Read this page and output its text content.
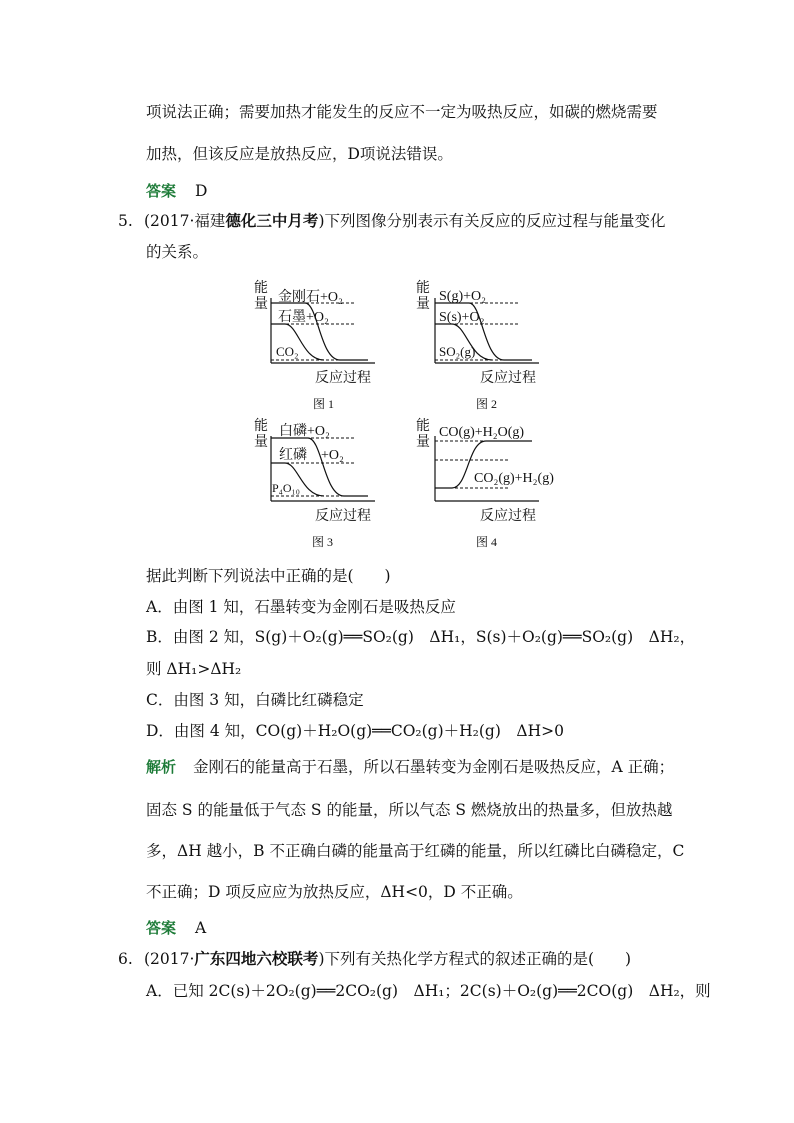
项说法正确；需要加热才能发生的反应不一定为吸热反应，如碳的燃烧需要
加热，但该反应是放热反应，D项说法错误。
答案 D
5. (2017·福建德化三中月考)下列图像分别表示有关反应的反应过程与能量变化
的关系。
能
量 金刚石+O₂
石墨+O₂
CO₂
反应过程
图 1
能
量
S(g)+O₂
S(s)+O₂
SO₂(g)
反应过程
图 2
能
量
白磷+O₂
红磷　+O₂
P₄O₁₀
反应过程
图 3
能
量
CO(g)+H₂O(g)
CO₂(g)+H₂(g)
反应过程
图 4
据此判断下列说法中正确的是(　　)
A．由图 1 知，石墨转变为金刚石是吸热反应
B．由图 2 知，S(g)＋O₂(g)══SO₂(g)　ΔH₁，S(s)＋O₂(g)══SO₂(g)　ΔH₂，
则 ΔH₁>ΔH₂
C．由图 3 知，白磷比红磷稳定
D．由图 4 知，CO(g)＋H₂O(g)══CO₂(g)＋H₂(g)　ΔH>0
解析 金刚石的能量高于石墨，所以石墨转变为金刚石是吸热反应，A 正确；
固态 S 的能量低于气态 S 的能量，所以气态 S 燃烧放出的热量多，但放热越
多，ΔH 越小，B 不正确白磷的能量高于红磷的能量，所以红磷比白磷稳定，C
不正确；D 项反应应为放热反应，ΔH<0，D 不正确。
答案 A
6. (2017·广东四地六校联考)下列有关热化学方程式的叙述正确的是(　　)
A．已知 2C(s)＋2O₂(g)══2CO₂(g)　ΔH₁；2C(s)＋O₂(g)══2CO(g)　ΔH₂，则
